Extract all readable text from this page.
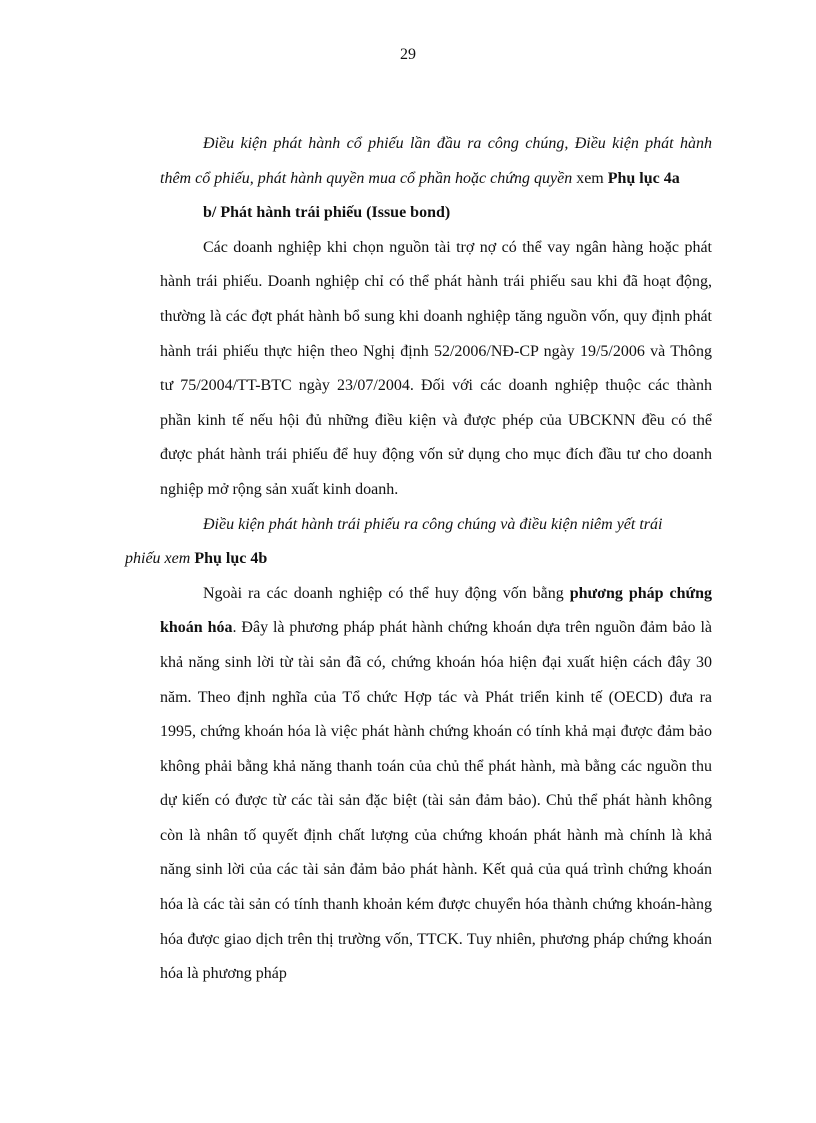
29

Điều kiện phát hành cổ phiếu lần đầu ra công chúng, Điều kiện phát hành thêm cổ phiếu, phát hành quyền mua cổ phần hoặc chứng quyền xem Phụ lục 4a

b/ Phát hành trái phiếu (Issue bond)

Các doanh nghiệp khi chọn nguồn tài trợ nợ có thể vay ngân hàng hoặc phát hành trái phiếu. Doanh nghiệp chỉ có thể phát hành trái phiếu sau khi đã hoạt động, thường là các đợt phát hành bổ sung khi doanh nghiệp tăng nguồn vốn, quy định phát hành trái phiếu thực hiện theo Nghị định 52/2006/NĐ-CP ngày 19/5/2006 và Thông tư 75/2004/TT-BTC ngày 23/07/2004. Đối với các doanh nghiệp thuộc các thành phần kinh tế nếu hội đủ những điều kiện và được phép của UBCKNN đều có thể được phát hành trái phiếu để huy động vốn sử dụng cho mục đích đầu tư cho doanh nghiệp mở rộng sản xuất kinh doanh.

Điều kiện phát hành trái phiếu ra công chúng và điều kiện niêm yết trái
phiếu xem Phụ lục 4b

Ngoài ra các doanh nghiệp có thể huy động vốn bằng phương pháp chứng khoán hóa. Đây là phương pháp phát hành chứng khoán dựa trên nguồn đảm bảo là khả năng sinh lời từ tài sản đã có, chứng khoán hóa hiện đại xuất hiện cách đây 30 năm. Theo định nghĩa của Tổ chức Hợp tác và Phát triển kinh tế (OECD) đưa ra 1995, chứng khoán hóa là việc phát hành chứng khoán có tính khả mại được đảm bảo không phải bằng khả năng thanh toán của chủ thể phát hành, mà bằng các nguồn thu dự kiến có được từ các tài sản đặc biệt (tài sản đảm bảo). Chủ thể phát hành không còn là nhân tố quyết định chất lượng của chứng khoán phát hành mà chính là khả năng sinh lời của các tài sản đảm bảo phát hành. Kết quả của quá trình chứng khoán hóa là các tài sản có tính thanh khoản kém được chuyển hóa thành chứng khoán-hàng hóa được giao dịch trên thị trường vốn, TTCK. Tuy nhiên, phương pháp chứng khoán hóa là phương pháp
